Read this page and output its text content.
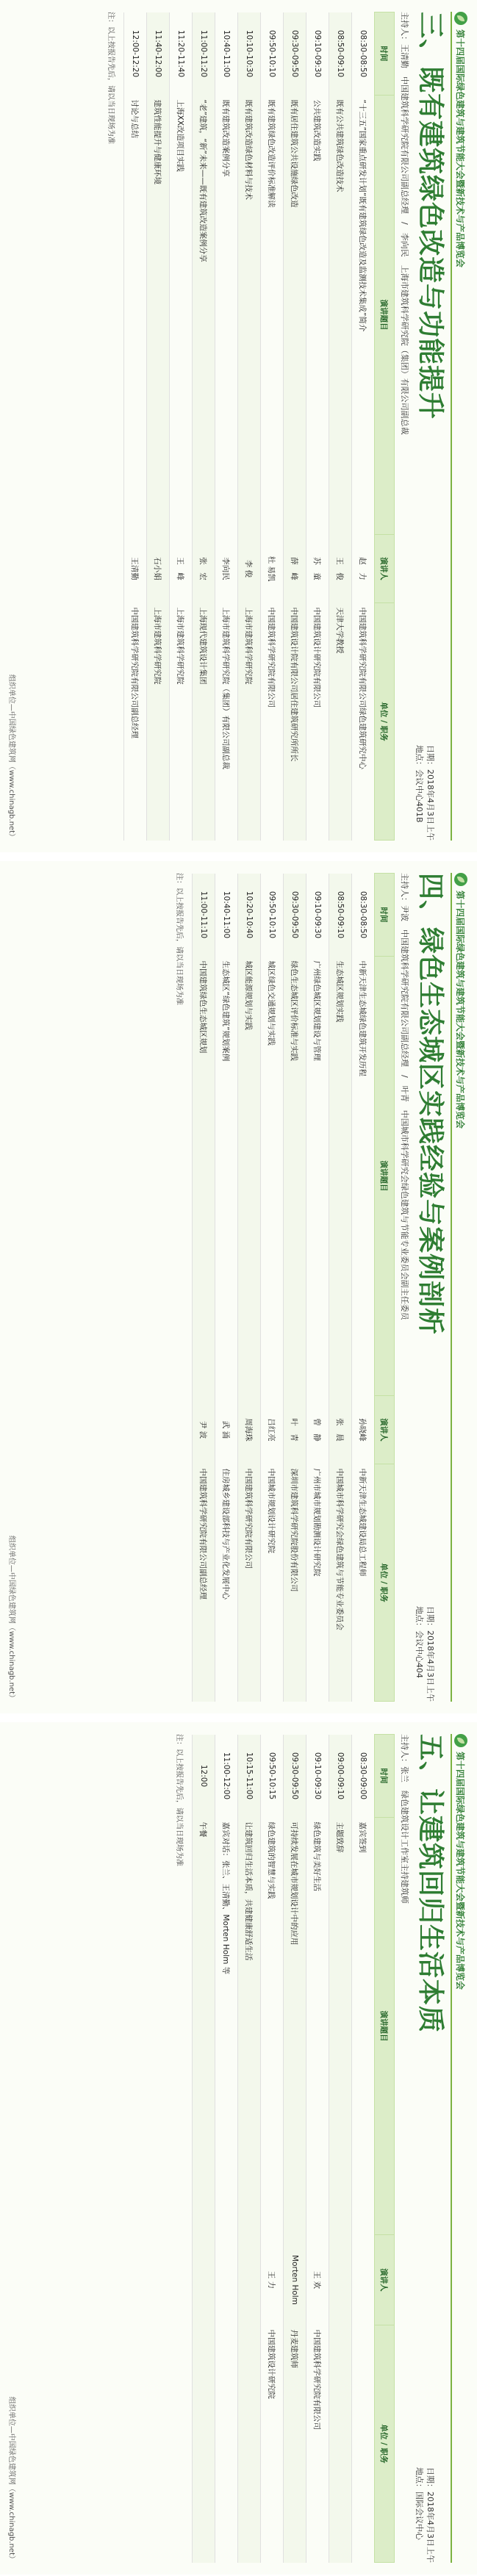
第十四届国际绿色建筑与建筑节能大会暨新技术与产品博览会
三、既有建筑绿色改造与功能提升
日期：2018年4月3日上午
地点：会议中心401B
主持人：王清勤　中国建筑科学研究院有限公司副总经理　/　李向民　上海市建筑科学研究院（集团）有限公司副总裁
时间	演讲题目	演讲人	单位 / 职务
08:30-08:50	“十三五”国家重点研发计划“既有建筑绿色改造及监测技术集成”简介	赵　力	中国建筑科学研究院有限公司绿色建筑研究中心
08:50-09:10	既有公共建筑绿色改造技术	王　俊	天津大学教授
09:10-09:30	公共建筑改造实践	苏　童	中国建筑设计研究院有限公司
09:30-09:50	既有居住建筑公共设施绿色改造	薛　峰	中国建筑设计院有限公司居住建筑研究所所长
09:50-10:10	既有建筑绿色改造评价标准解读	杜 易凯	中国建筑科学研究院有限公司
10:10-10:30	既有建筑改造绿色材料与技术	李 俊	上海市建筑科学研究院
10:40-11:00	既有建筑改造案例分享	李向民	上海市建筑科学研究院（集团）有限公司副总裁
11:00-11:20	“老”建筑，“新”未来——既有建筑改造案例分享	张　宏	上海现代建筑设计集团
11:20-11:40	上海XX改造项目实践	王　峰	上海市建筑科学研究院
11:40-12:00	建筑性能提升与健康环境	石小娟	上海市建筑科学研究院
12:00-12:20	讨论与总结	王清勤	中国建筑科学研究院有限公司副总经理
注：以上按报告先后，请以当日现场为准
组织单位—中国绿色建筑网（www.chinagb.net）
第十四届国际绿色建筑与建筑节能大会暨新技术与产品博览会
四、绿色生态城区实践经验与案例剖析
日期：2018年4月3日上午
地点：会议中心404
主持人：尹波　中国建筑科学研究院有限公司副总经理　/　叶青　中国城市科学研究会绿色建筑与节能专业委员会副主任委员
时间	演讲题目	演讲人	单位 / 职务
08:30-08:50	中新天津生态城绿色建筑开发历程	孙晓峰	中新天津生态城建设局总工程师
08:50-09:10	生态城区规划实践	张　晨	中国城市科学研究会绿色建筑与节能专业委员会
09:10-09:30	广州绿色城区规划建设与管理	曾　静	广州市城市规划勘测设计研究院
09:30-09:50	绿色生态城区评价标准与实践	叶　青	深圳市建筑科学研究院股份有限公司
09:50-10:10	城区绿色交通规划与实践	吕红亮	中国城市规划设计研究院
10:20-10:40	城区能源规划与实践	周海珠	中国建筑科学研究院有限公司
10:40-11:00	生态城区“绿色建筑”规划案例	武 涌	住房城乡建设部科技与产业化发展中心
11:00-11:10	中国建筑绿色生态城区规划	尹 波	中国建筑科学研究院有限公司副总经理
注：以上按报告先后，请以当日现场为准
组织单位—中国绿色建筑网（www.chinagb.net）
第十四届国际绿色建筑与建筑节能大会暨新技术与产品博览会
五、让建筑回归生活本质
日期：2018年4月3日上午
地点：国际会议中心
主持人：张兰　绿色建筑设计工作室主持建筑师
时间	演讲题目	演讲人	单位 / 职务
08:30-09:00	嘉宾签到		
09:00-09:10	主题致辞		
09:10-09:30	绿色建筑与美好生活	王 欢	中国建筑科学研究院有限公司
09:30-09:50	可持续发展在城市规划设计中的应用	Morten Holm	丹麦建筑师
09:50-10:15	绿色建筑的智慧与实践	王 力	中国建筑设计研究院
10:15-11:00	让建筑回归生活本质，共建健康舒适生活		
11:00-12:00	嘉宾对话：张兰、王清勤、Morten Holm 等		
12:00	午餐		
注：以上按报告先后，请以当日现场为准
组织单位—中国绿色建筑网（www.chinagb.net）
